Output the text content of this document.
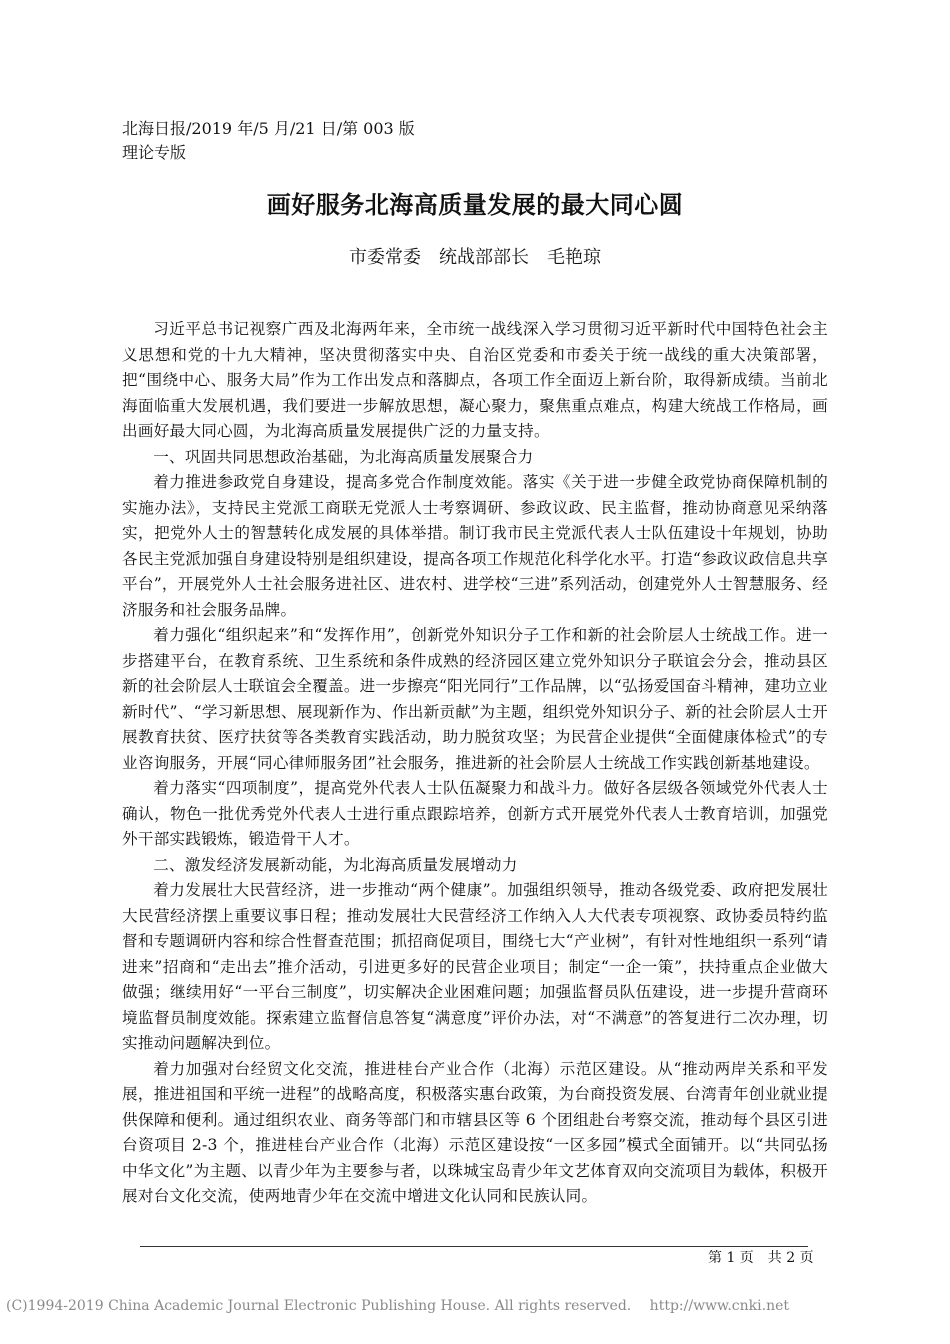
北海日报/2019 年/5 月/21 日/第 003 版
理论专版
画好服务北海高质量发展的最大同心圆
市委常委　统战部部长　毛艳琼

习近平总书记视察广西及北海两年来，全市统一战线深入学习贯彻习近平新时代中国特色社会主义思想和党的十九大精神，坚决贯彻落实中央、自治区党委和市委关于统一战线的重大决策部署，把“围绕中心、服务大局”作为工作出发点和落脚点，各项工作全面迈上新台阶，取得新成绩。当前北海面临重大发展机遇，我们要进一步解放思想，凝心聚力，聚焦重点难点，构建大统战工作格局，画出画好最大同心圆，为北海高质量发展提供广泛的力量支持。

一、巩固共同思想政治基础，为北海高质量发展聚合力

着力推进参政党自身建设，提高多党合作制度效能。落实《关于进一步健全政党协商保障机制的实施办法》，支持民主党派工商联无党派人士考察调研、参政议政、民主监督，推动协商意见采纳落实，把党外人士的智慧转化成发展的具体举措。制订我市民主党派代表人士队伍建设十年规划，协助各民主党派加强自身建设特别是组织建设，提高各项工作规范化科学化水平。打造“参政议政信息共享平台”，开展党外人士社会服务进社区、进农村、进学校“三进”系列活动，创建党外人士智慧服务、经济服务和社会服务品牌。

着力强化“组织起来”和“发挥作用”，创新党外知识分子工作和新的社会阶层人士统战工作。进一步搭建平台，在教育系统、卫生系统和条件成熟的经济园区建立党外知识分子联谊会分会，推动县区新的社会阶层人士联谊会全覆盖。进一步擦亮“阳光同行”工作品牌，以“弘扬爱国奋斗精神，建功立业新时代”、“学习新思想、展现新作为、作出新贡献”为主题，组织党外知识分子、新的社会阶层人士开展教育扶贫、医疗扶贫等各类教育实践活动，助力脱贫攻坚；为民营企业提供“全面健康体检式”的专业咨询服务，开展“同心律师服务团”社会服务，推进新的社会阶层人士统战工作实践创新基地建设。

着力落实“四项制度”，提高党外代表人士队伍凝聚力和战斗力。做好各层级各领域党外代表人士确认，物色一批优秀党外代表人士进行重点跟踪培养，创新方式开展党外代表人士教育培训，加强党外干部实践锻炼，锻造骨干人才。

二、激发经济发展新动能，为北海高质量发展增动力

着力发展壮大民营经济，进一步推动“两个健康”。加强组织领导，推动各级党委、政府把发展壮大民营经济摆上重要议事日程；推动发展壮大民营经济工作纳入人大代表专项视察、政协委员特约监督和专题调研内容和综合性督查范围；抓招商促项目，围绕七大“产业树”，有针对性地组织一系列“请进来”招商和“走出去”推介活动，引进更多好的民营企业项目；制定“一企一策”，扶持重点企业做大做强；继续用好“一平台三制度”，切实解决企业困难问题；加强监督员队伍建设，进一步提升营商环境监督员制度效能。探索建立监督信息答复“满意度”评价办法，对“不满意”的答复进行二次办理，切实推动问题解决到位。

着力加强对台经贸文化交流，推进桂台产业合作（北海）示范区建设。从“推动两岸关系和平发展，推进祖国和平统一进程”的战略高度，积极落实惠台政策，为台商投资发展、台湾青年创业就业提供保障和便利。通过组织农业、商务等部门和市辖县区等 6 个团组赴台考察交流，推动每个县区引进台资项目 2-3 个，推进桂台产业合作（北海）示范区建设按“一区多园”模式全面铺开。以“共同弘扬中华文化”为主题、以青少年为主要参与者，以珠城宝岛青少年文艺体育双向交流项目为载体，积极开展对台文化交流，使两地青少年在交流中增进文化认同和民族认同。

第 1 页　共 2 页
(C)1994-2019 China Academic Journal Electronic Publishing House. All rights reserved.　 http://www.cnki.net
